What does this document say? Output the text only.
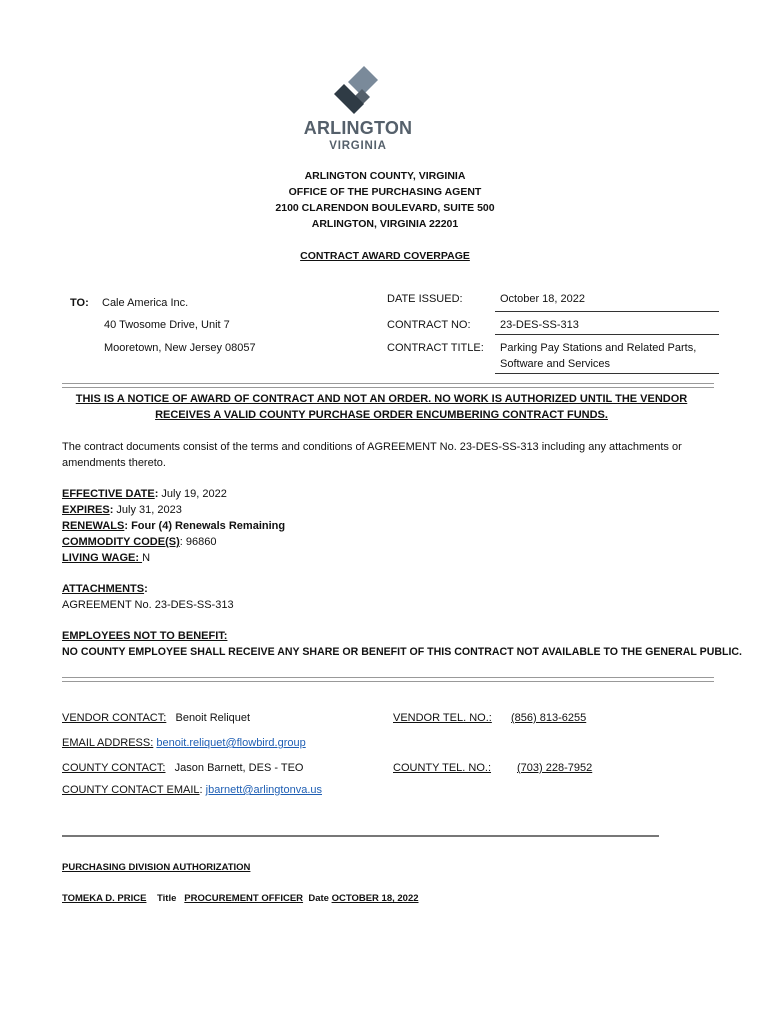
ARLINGTON
VIRGINIA
ARLINGTON COUNTY, VIRGINIA
OFFICE OF THE PURCHASING AGENT
2100 CLARENDON BOULEVARD, SUITE 500
ARLINGTON, VIRGINIA 22201
CONTRACT AWARD COVERPAGE
TO: Cale America Inc.
40 Twosome Drive, Unit 7
Mooretown, New Jersey 08057
DATE ISSUED:	October 18, 2022
CONTRACT NO:	23-DES-SS-313
CONTRACT TITLE: Parking Pay Stations and Related Parts,
Software and Services
THIS IS A NOTICE OF AWARD OF CONTRACT AND NOT AN ORDER. NO WORK IS AUTHORIZED UNTIL THE VENDOR
RECEIVES A VALID COUNTY PURCHASE ORDER ENCUMBERING CONTRACT FUNDS.
The contract documents consist of the terms and conditions of AGREEMENT No. 23-DES-SS-313 including any attachments or
amendments thereto.
EFFECTIVE DATE: July 19, 2022
EXPIRES: July 31, 2023
RENEWALS: Four (4) Renewals Remaining
COMMODITY CODE(S): 96860
LIVING WAGE: N
ATTACHMENTS:
AGREEMENT No. 23-DES-SS-313
EMPLOYEES NOT TO BENEFIT:
NO COUNTY EMPLOYEE SHALL RECEIVE ANY SHARE OR BENEFIT OF THIS CONTRACT NOT AVAILABLE TO THE GENERAL PUBLIC.
VENDOR CONTACT: Benoit Reliquet	VENDOR TEL. NO.: (856) 813-6255
EMAIL ADDRESS: benoit.reliquet@flowbird.group
COUNTY CONTACT: Jason Barnett, DES - TEO	COUNTY TEL. NO.: (703) 228-7952
COUNTY CONTACT EMAIL: jbarnett@arlingtonva.us
PURCHASING DIVISION AUTHORIZATION
TOMEKA D. PRICE Title PROCUREMENT OFFICER Date OCTOBER 18, 2022
